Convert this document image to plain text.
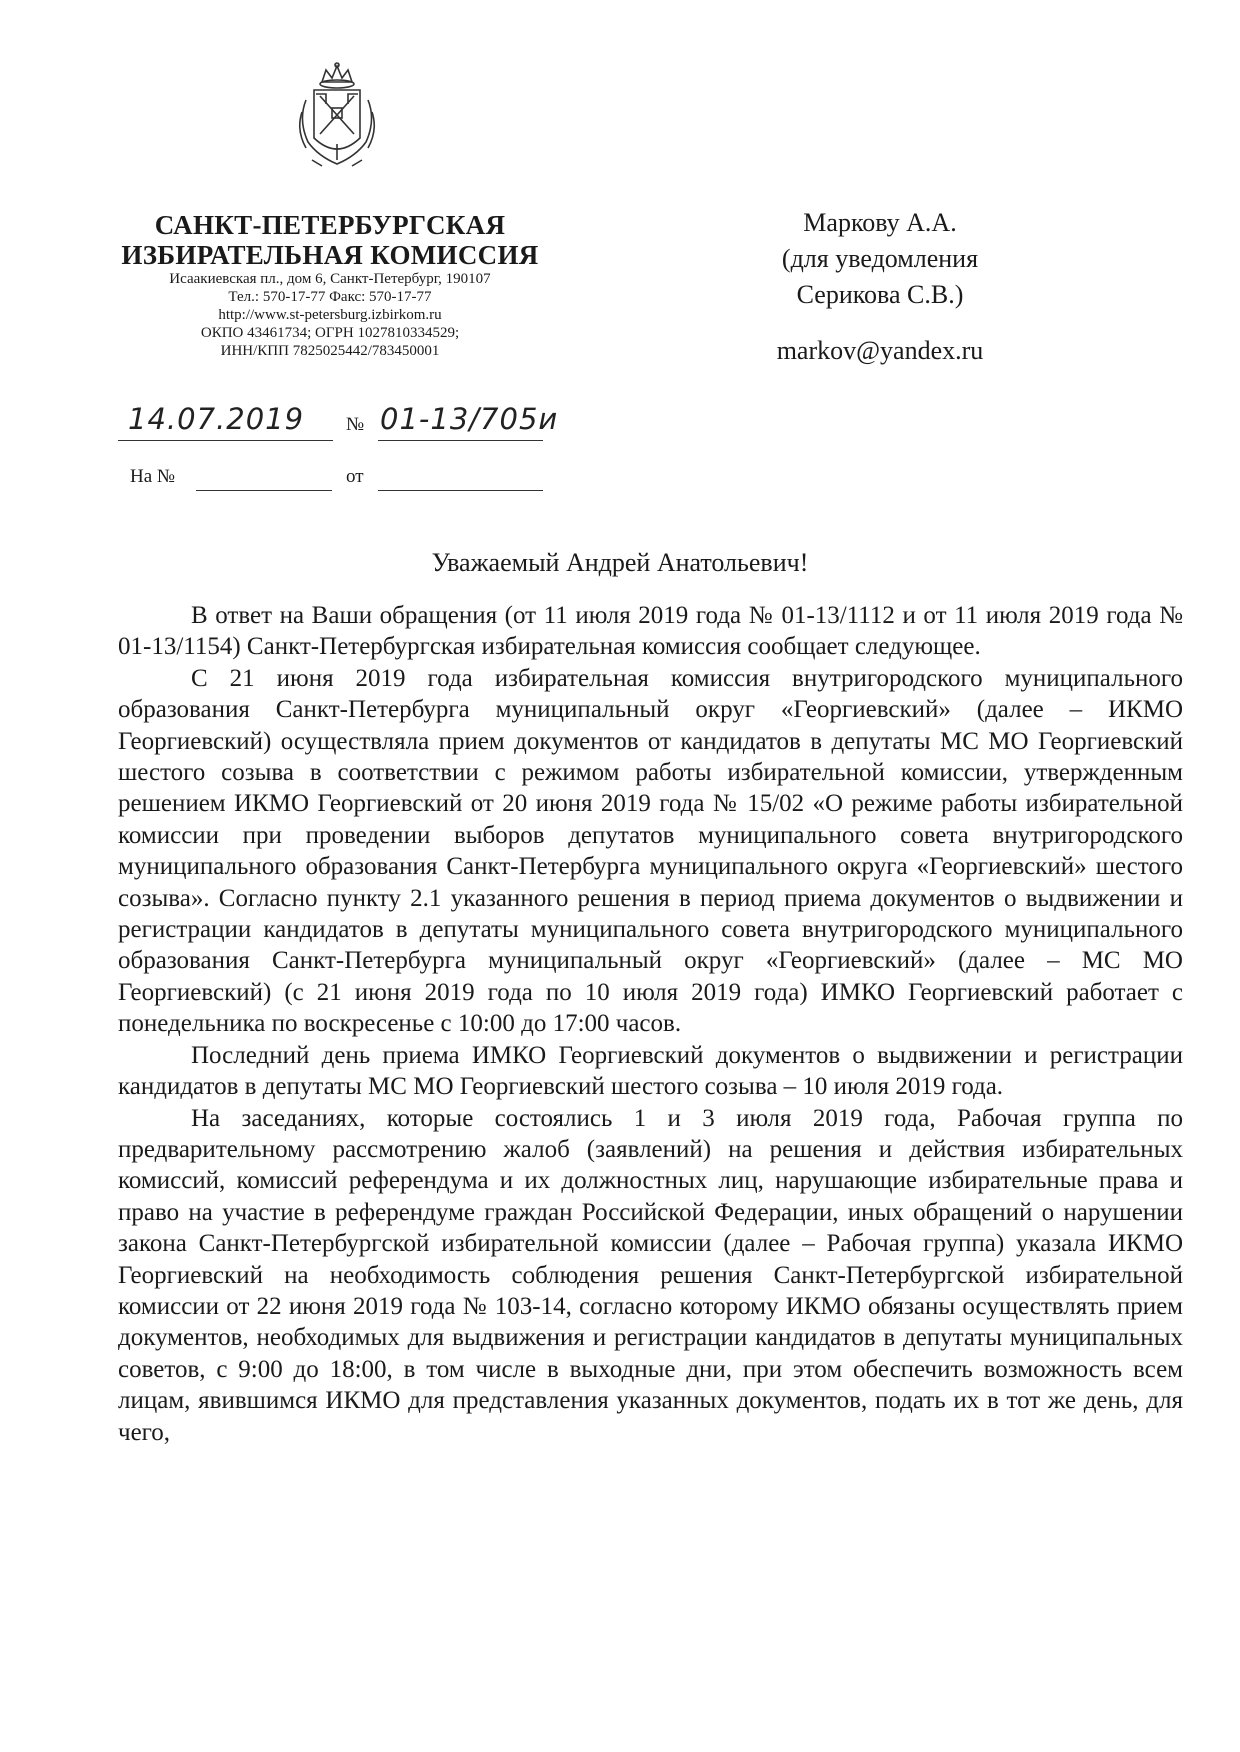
САНКТ-ПЕТЕРБУРГСКАЯ
ИЗБИРАТЕЛЬНАЯ КОМИССИЯ
Исаакиевская пл., дом 6, Санкт-Петербург, 190107
Тел.: 570-17-77 Факс: 570-17-77
http://www.st-petersburg.izbirkom.ru
ОКПО 43461734; ОГРН 1027810334529;
ИНН/КПП 7825025442/783450001
Маркову А.А.
(для уведомления
Серикова С.В.)
markov@yandex.ru
14.07.2019 № 01-13/705и
На №	от
Уважаемый Андрей Анатольевич!

В ответ на Ваши обращения (от 11 июля 2019 года № 01-13/1112 и от 11 июля 2019 года № 01-13/1154) Санкт-Петербургская избирательная комиссия сообщает следующее.

С 21 июня 2019 года избирательная комиссия внутригородского муниципального образования Санкт-Петербурга муниципальный округ «Георгиевский» (далее – ИКМО Георгиевский) осуществляла прием документов от кандидатов в депутаты МС МО Георгиевский шестого созыва в соответствии с режимом работы избирательной комиссии, утвержденным решением ИКМО Георгиевский от 20 июня 2019 года № 15/02 «О режиме работы избирательной комиссии при проведении выборов депутатов муниципального совета внутригородского муниципального образования Санкт-Петербурга муниципального округа «Георгиевский» шестого созыва». Согласно пункту 2.1 указанного решения в период приема документов о выдвижении и регистрации кандидатов в депутаты муниципального совета внутригородского муниципального образования Санкт-Петербурга муниципальный округ «Георгиевский» (далее – МС МО Георгиевский) (с 21 июня 2019 года по 10 июля 2019 года) ИМКО Георгиевский работает с понедельника по воскресенье с 10:00 до 17:00 часов.

Последний день приема ИМКО Георгиевский документов о выдвижении и регистрации кандидатов в депутаты МС МО Георгиевский шестого созыва – 10 июля 2019 года.

На заседаниях, которые состоялись 1 и 3 июля 2019 года, Рабочая группа по предварительному рассмотрению жалоб (заявлений) на решения и действия избирательных комиссий, комиссий референдума и их должностных лиц, нарушающие избирательные права и право на участие в референдуме граждан Российской Федерации, иных обращений о нарушении закона Санкт-Петербургской избирательной комиссии (далее – Рабочая группа) указала ИКМО Георгиевский на необходимость соблюдения решения Санкт-Петербургской избирательной комиссии от 22 июня 2019 года № 103-14, согласно которому ИКМО обязаны осуществлять прием документов, необходимых для выдвижения и регистрации кандидатов в депутаты муниципальных советов, с 9:00 до 18:00, в том числе в выходные дни, при этом обеспечить возможность всем лицам, явившимся ИКМО для представления указанных документов, подать их в тот же день, для чего,
